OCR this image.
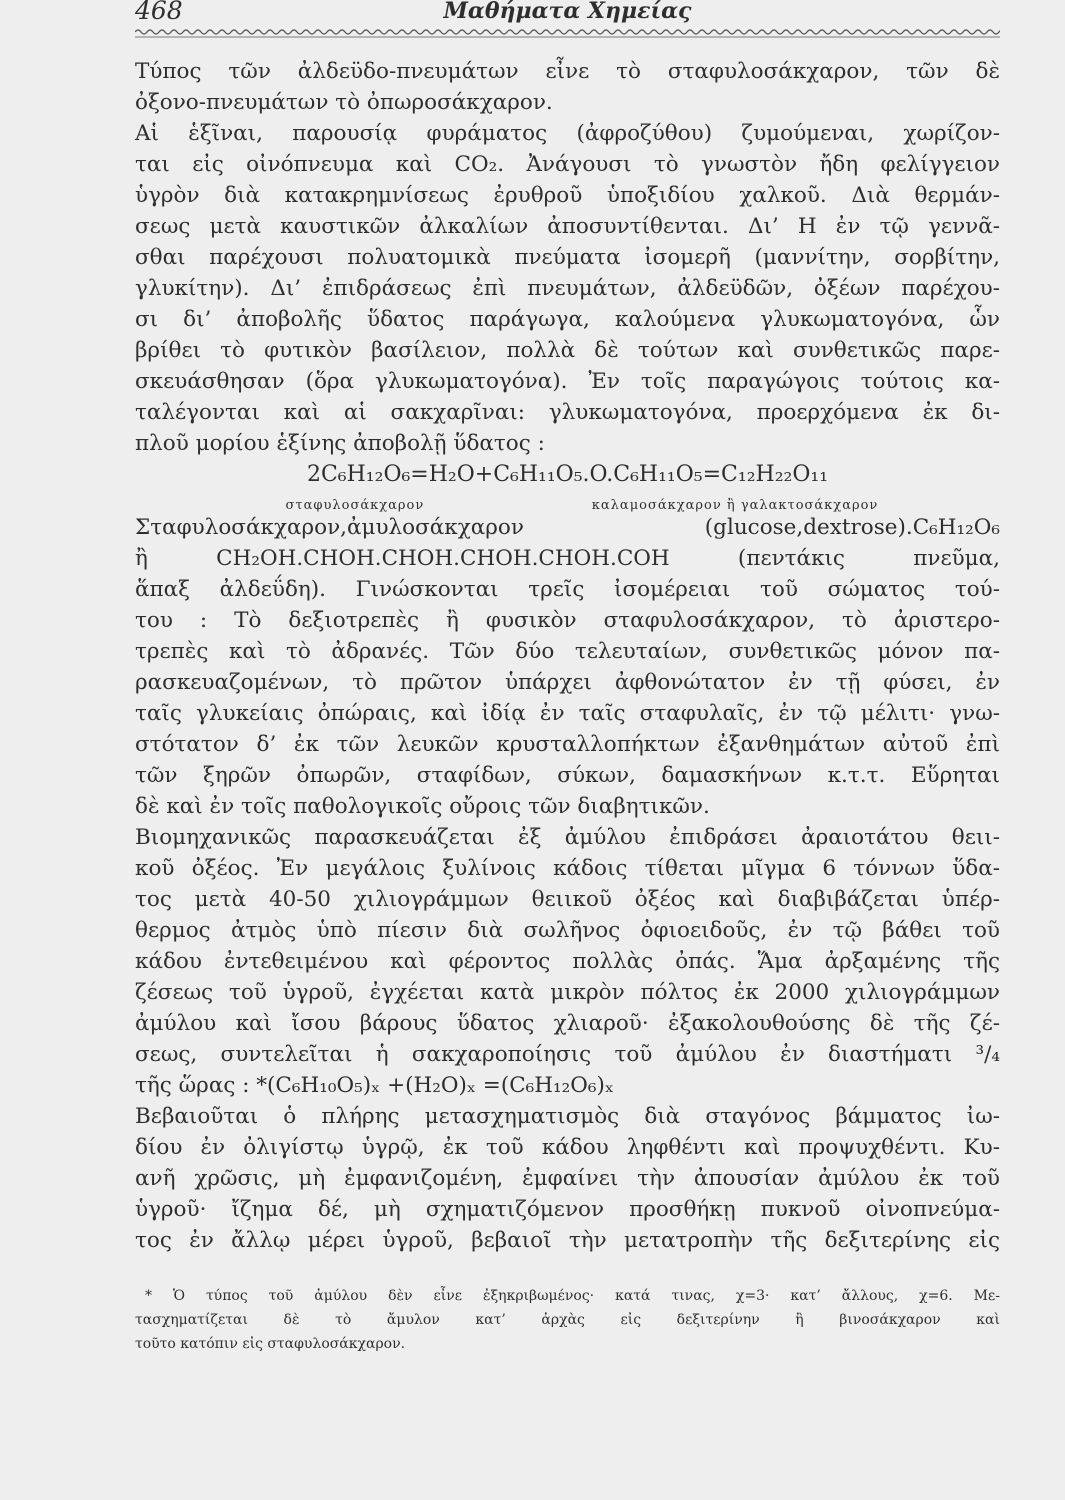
468	Μαθήματα Χημείας
Τύπος τῶν ἀλδεϋδο-πνευμάτων εἶνε τὸ σταφυλοσάκχαρον, τῶν δὲ
ὀξονο-πνευμάτων τὸ ὀπωροσάκχαρον.
Αἱ ἑξῖναι, παρουσίᾳ φυράματος (ἀφροζύθου) ζυμούμεναι, χωρίζον-
ται εἰς οἰνόπνευμα καὶ CO₂. Ἀνάγουσι τὸ γνωστὸν ἤδη φελίγγειον
ὑγρὸν διὰ κατακρημνίσεως ἐρυθροῦ ὑποξιδίου χαλκοῦ. Διὰ θερμάν-
σεως μετὰ καυστικῶν ἀλκαλίων ἀποσυντίθενται. Δι’ Η ἐν τῷ γεννᾶ-
σθαι παρέχουσι πολυατομικὰ πνεύματα ἰσομερῆ (μαννίτην, σορβίτην,
γλυκίτην). Δι’ ἐπιδράσεως ἐπὶ πνευμάτων, ἀλδεϋδῶν, ὀξέων παρέχου-
σι δι’ ἀποβολῆς ὕδατος παράγωγα, καλούμενα γλυκωματογόνα, ὧν
βρίθει τὸ φυτικὸν βασίλειον, πολλὰ δὲ τούτων καὶ συνθετικῶς παρε-
σκευάσθησαν (ὅρα γλυκωματογόνα). Ἐν τοῖς παραγώγοις τούτοις κα-
ταλέγονται καὶ αἱ σακχαρῖναι: γλυκωματογόνα, προερχόμενα ἐκ δι-
πλοῦ μορίου ἑξίνης ἀποβολῇ ὕδατος :
2C₆H₁₂O₆=H₂O+C₆H₁₁O₅.O.C₆H₁₁O₅=C₁₂H₂₂O₁₁
σταφυλοσάκχαρον	καλαμοσάκχαρον ἢ γαλακτοσάκχαρον
Σταφυλοσάκχαρον,ἀμυλοσάκχαρον (glucose,dextrose).C₆H₁₂O₆
ἢ CH₂OH.CHOH.CHOH.CHOH.CHOH.COH (πεντάκις πνεῦμα,
ἅπαξ ἀλδεΰδη). Γινώσκονται τρεῖς ἰσομέρειαι τοῦ σώματος τού-
του : Τὸ δεξιοτρεπὲς ἢ φυσικὸν σταφυλοσάκχαρον, τὸ ἀριστερο-
τρεπὲς καὶ τὸ ἀδρανές. Τῶν δύο τελευταίων, συνθετικῶς μόνον πα-
ρασκευαζομένων, τὸ πρῶτον ὑπάρχει ἀφθονώτατον ἐν τῇ φύσει, ἐν
ταῖς γλυκείαις ὀπώραις, καὶ ἰδίᾳ ἐν ταῖς σταφυλαῖς, ἐν τῷ μέλιτι· γνω-
στότατον δ’ ἐκ τῶν λευκῶν κρυσταλλοπήκτων ἐξανθημάτων αὐτοῦ ἐπὶ
τῶν ξηρῶν ὀπωρῶν, σταφίδων, σύκων, δαμασκήνων κ.τ.τ. Εὕρηται
δὲ καὶ ἐν τοῖς παθολογικοῖς οὔροις τῶν διαβητικῶν.
Βιομηχανικῶς παρασκευάζεται ἐξ ἀμύλου ἐπιδράσει ἀραιοτάτου θειι-
κοῦ ὀξέος. Ἐν μεγάλοις ξυλίνοις κάδοις τίθεται μῖγμα 6 τόννων ὕδα-
τος μετὰ 40-50 χιλιογράμμων θειικοῦ ὀξέος καὶ διαβιβάζεται ὑπέρ-
θερμος ἀτμὸς ὑπὸ πίεσιν διὰ σωλῆνος ὀφιοειδοῦς, ἐν τῷ βάθει τοῦ
κάδου ἐντεθειμένου καὶ φέροντος πολλὰς ὀπάς. Ἅμα ἀρξαμένης τῆς
ζέσεως τοῦ ὑγροῦ, ἐγχέεται κατὰ μικρὸν πόλτος ἐκ 2000 χιλιογράμμων
ἀμύλου καὶ ἴσου βάρους ὕδατος χλιαροῦ· ἐξακολουθούσης δὲ τῆς ζέ-
σεως, συντελεῖται ἡ σακχαροποίησις τοῦ ἀμύλου ἐν διαστήματι ³/₄
τῆς ὥρας : *(C₆H₁₀O₅)ₓ +(H₂O)ₓ =(C₆H₁₂O₆)ₓ
Βεβαιοῦται ὁ πλήρης μετασχηματισμὸς διὰ σταγόνος βάμματος ἰω-
δίου ἐν ὀλιγίστῳ ὑγρῷ, ἐκ τοῦ κάδου ληφθέντι καὶ προψυχθέντι. Κυ-
ανῆ χρῶσις, μὴ ἐμφανιζομένη, ἐμφαίνει τὴν ἀπουσίαν ἀμύλου ἐκ τοῦ
ὑγροῦ· ἴζημα δέ, μὴ σχηματιζόμενον προσθήκῃ πυκνοῦ οἰνοπνεύμα-
τος ἐν ἄλλῳ μέρει ὑγροῦ, βεβαιοῖ τὴν μετατροπὴν τῆς δεξιτερίνης εἰς
* Ὁ τύπος τοῦ ἀμύλου δὲν εἶνε ἐξηκριβωμένος· κατά τινας, χ=3· κατ’ ἄλλους, χ=6. Με-
τασχηματίζεται δὲ τὸ ἄμυλον κατ’ ἀρχὰς εἰς δεξιτερίνην ἢ βινοσάκχαρον καὶ
τοῦτο κατόπιν εἰς σταφυλοσάκχαρον.
